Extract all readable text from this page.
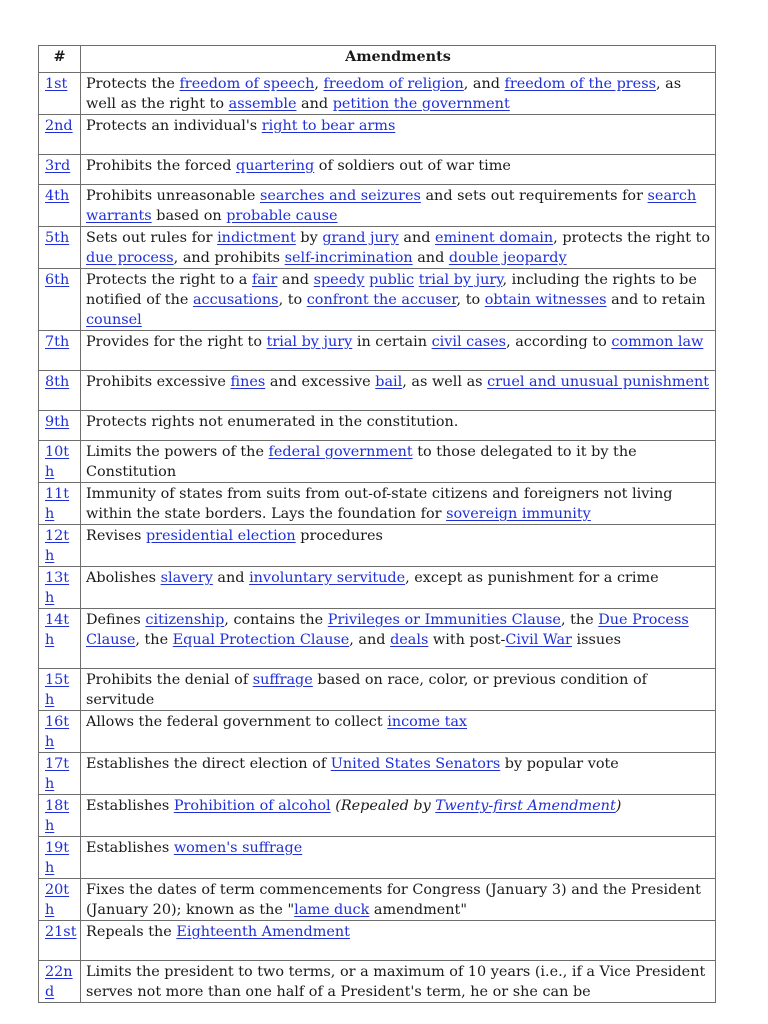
#	Amendments
1st	Protects the freedom of speech, freedom of religion, and freedom of the press, as well as the right to assemble and petition the government
2nd	Protects an individual's right to bear arms
3rd	Prohibits the forced quartering of soldiers out of war time
4th	Prohibits unreasonable searches and seizures and sets out requirements for search warrants based on probable cause
5th	Sets out rules for indictment by grand jury and eminent domain, protects the right to due process, and prohibits self-incrimination and double jeopardy
6th	Protects the right to a fair and speedy public trial by jury, including the rights to be notified of the accusations, to confront the accuser, to obtain witnesses and to retain counsel
7th	Provides for the right to trial by jury in certain civil cases, according to common law
8th	Prohibits excessive fines and excessive bail, as well as cruel and unusual punishment
9th	Protects rights not enumerated in the constitution.
10th	Limits the powers of the federal government to those delegated to it by the Constitution
11th	Immunity of states from suits from out-of-state citizens and foreigners not living within the state borders. Lays the foundation for sovereign immunity
12th	Revises presidential election procedures
13th	Abolishes slavery and involuntary servitude, except as punishment for a crime
14th	Defines citizenship, contains the Privileges or Immunities Clause, the Due Process Clause, the Equal Protection Clause, and deals with post-Civil War issues
15th	Prohibits the denial of suffrage based on race, color, or previous condition of servitude
16th	Allows the federal government to collect income tax
17th	Establishes the direct election of United States Senators by popular vote
18th	Establishes Prohibition of alcohol (Repealed by Twenty-first Amendment)
19th	Establishes women's suffrage
20th	Fixes the dates of term commencements for Congress (January 3) and the President (January 20); known as the "lame duck amendment"
21st	Repeals the Eighteenth Amendment
22nd	Limits the president to two terms, or a maximum of 10 years (i.e., if a Vice President serves not more than one half of a President's term, he or she can be
